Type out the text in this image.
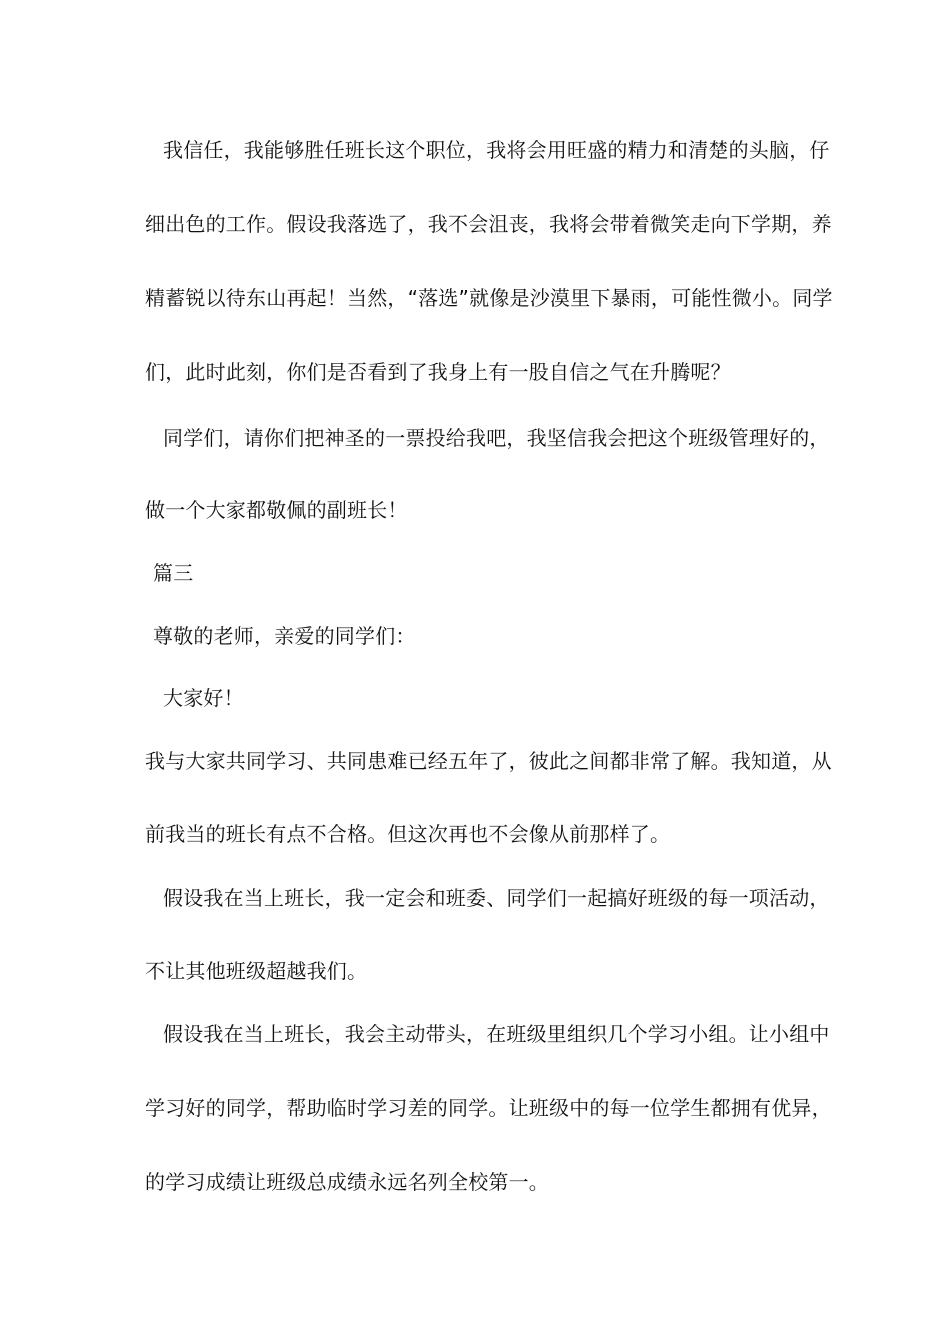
我信任，我能够胜任班长这个职位，我将会用旺盛的精力和清楚的头脑，仔
细出色的工作。假设我落选了，我不会沮丧，我将会带着微笑走向下学期，养
精蓄锐以待东山再起！当然，“落选”就像是沙漠里下暴雨，可能性微小。同学
们，此时此刻，你们是否看到了我身上有一股自信之气在升腾呢？
同学们，请你们把神圣的一票投给我吧，我坚信我会把这个班级管理好的，
做一个大家都敬佩的副班长！
篇三
尊敬的老师，亲爱的同学们：
大家好！
我与大家共同学习、共同患难已经五年了，彼此之间都非常了解。我知道，从
前我当的班长有点不合格。但这次再也不会像从前那样了。
假设我在当上班长，我一定会和班委、同学们一起搞好班级的每一项活动，
不让其他班级超越我们。
假设我在当上班长，我会主动带头，在班级里组织几个学习小组。让小组中
学习好的同学，帮助临时学习差的同学。让班级中的每一位学生都拥有优异，
的学习成绩让班级总成绩永远名列全校第一。
